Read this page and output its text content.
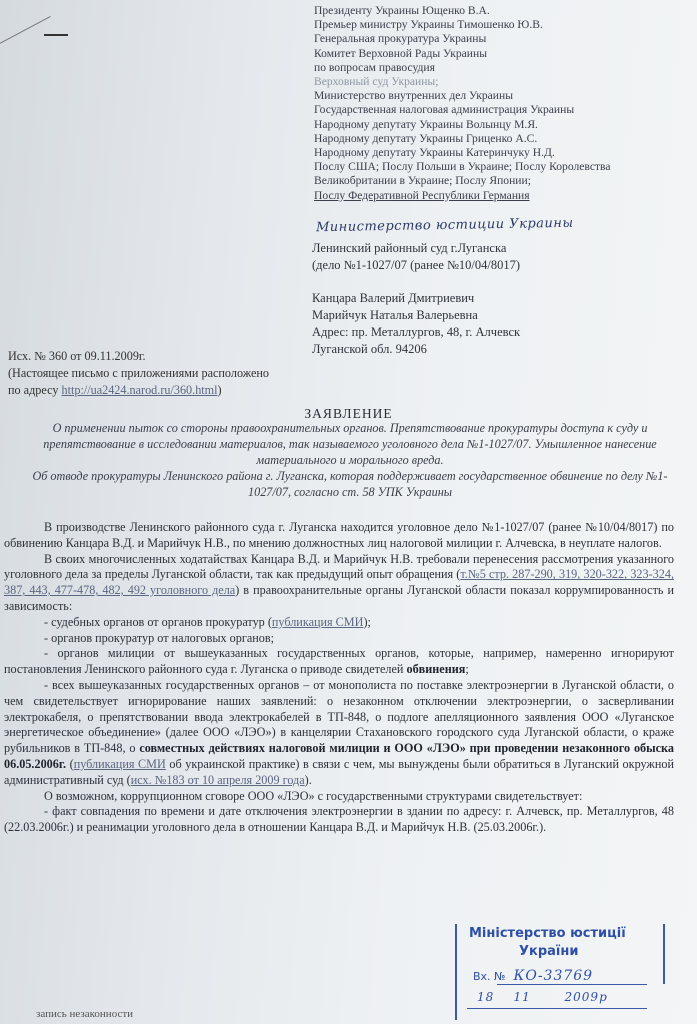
Президенту Украины Ющенко В.А.
Премьер министру Украины Тимошенко Ю.В.
Генеральная прокуратура Украины
Комитет Верховной Рады Украины
по вопросам правосудия
Верховный суд Украины;
Министерство внутренних дел Украины
Государственная налоговая администрация Украины
Народному депутату Украины Волынцу М.Я.
Народному депутату Украины Гриценко А.С.
Народному депутату Украины Катеринчуку Н.Д.
Послу США; Послу Польши в Украине; Послу Королевства
Великобритании в Украине; Послу Японии;
Послу Федеративной Республики Германия
Министерство юстиции Украины
Ленинский районный суд г.Луганска
(дело №1-1027/07 (ранее №10/04/8017)
Канцара Валерий Дмитриевич
Марийчук Наталья Валерьевна
Адрес: пр. Металлургов, 48, г. Алчевск
Луганской обл. 94206
Исх. № 360 от 09.11.2009г.
(Настоящее письмо с приложениями расположено
по адресу http://ua2424.narod.ru/360.html)
ЗАЯВЛЕНИЕ
О применении пыток со стороны правоохранительных органов. Препятствование прокуратуры доступа к суду и препятствование в исследовании материалов, так называемого уголовного дела №1-1027/07. Умышленное нанесение материального и морального вреда.
Об отводе прокуратуры Ленинского района г. Луганска, которая поддерживает государственное обвинение по делу №1-1027/07, согласно ст. 58 УПК Украины

В производстве Ленинского районного суда г. Луганска находится уголовное дело №1-1027/07 (ранее №10/04/8017) по обвинению Канцара В.Д. и Марийчук Н.В., по мнению должностных лиц налоговой милиции г. Алчевска, в неуплате налогов.

В своих многочисленных ходатайствах Канцара В.Д. и Марийчук Н.В. требовали перенесения рассмотрения указанного уголовного дела за пределы Луганской области, так как предыдущий опыт обращения (т.№5 стр. 287-290, 319, 320-322, 323-324, 387, 443, 477-478, 482, 492 уголовного дела) в правоохранительные органы Луганской области показал коррумпированность и зависимость:

- судебных органов от органов прокуратур (публикация СМИ);

- органов прокуратур от налоговых органов;

- органов милиции от вышеуказанных государственных органов, которые, например, намеренно игнорируют постановления Ленинского районного суда г. Луганска о приводе свидетелей обвинения;

- всех вышеуказанных государственных органов – от монополиста по поставке электроэнергии в Луганской области, о чем свидетельствует игнорирование наших заявлений: о незаконном отключении электроэнергии, о засверливании электрокабеля, о препятствовании ввода электрокабелей в ТП-848, о подлоге апелляционного заявления ООО «Луганское энергетическое объединение» (далее ООО «ЛЭО») в канцелярии Стахановского городского суда Луганской области, о краже рубильников в ТП-848, о совместных действиях налоговой милиции и ООО «ЛЭО» при проведении незаконного обыска 06.05.2006г. (публикация СМИ об украинской практике) в связи с чем, мы вынуждены были обратиться в Луганский окружной административный суд (исх. №183 от 10 апреля 2009 года).

О возможном, коррупционном сговоре ООО «ЛЭО» с государственными структурами свидетельствует:

- факт совпадения по времени и дате отключения электроэнергии в здании по адресу: г. Алчевск, пр. Металлургов, 48 (22.03.2006г.) и реанимации уголовного дела в отношении Канцара В.Д. и Марийчук Н.В. (25.03.2006г.).

Міністерство юстиції
України
Вх. № КО-33769
18 11	2009р
запись незаконности
